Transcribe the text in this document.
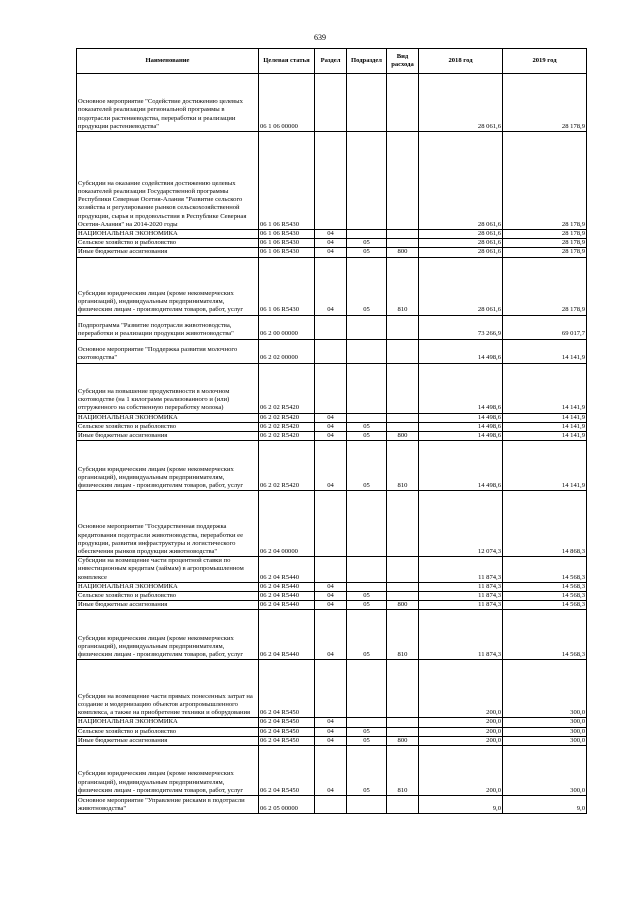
639
Наименование	Целевая статья	Раздел	Подраздел	Вид расхода	2018 год	2019 год
Основное мероприятие "Содействие достижению целевых показателей реализации региональной программы в подотрасли растениеводства, переработки и реализации продукции растениеводства"	06 1 06 00000				28 061,6	28 178,9
Субсидии на оказание содействия достижению целевых показателей реализации Государственной программы Республики Северная Осетия-Алания "Развитие сельского хозяйства и регулирование рынков сельскохозяйственной продукции, сырья и продовольствия в Республике Северная Осетия-Алания" на 2014-2020 годы	06 1 06 R5430				28 061,6	28 178,9
НАЦИОНАЛЬНАЯ ЭКОНОМИКА	06 1 06 R5430	04			28 061,6	28 178,9
Сельское хозяйство и рыболовство	06 1 06 R5430	04	05		28 061,6	28 178,9
Иные бюджетные ассигнования	06 1 06 R5430	04	05	800	28 061,6	28 178,9
Субсидии юридическим лицам (кроме некоммерческих организаций), индивидуальным предпринимателям, физическим лицам - производителям товаров, работ, услуг	06 1 06 R5430	04	05	810	28 061,6	28 178,9
Подпрограмма "Развитие подотрасли животноводства, переработки и реализации продукции животноводства"	06 2 00 00000				73 266,9	69 017,7
Основное мероприятие "Поддержка развития молочного скотоводства"	06 2 02 00000				14 498,6	14 141,9
Субсидии на повышение продуктивности в молочном скотоводстве (на 1 килограмм реализованного и (или) отгруженного на собственную переработку молока)	06 2 02 R5420				14 498,6	14 141,9
НАЦИОНАЛЬНАЯ ЭКОНОМИКА	06 2 02 R5420	04			14 498,6	14 141,9
Сельское хозяйство и рыболовство	06 2 02 R5420	04	05		14 498,6	14 141,9
Иные бюджетные ассигнования	06 2 02 R5420	04	05	800	14 498,6	14 141,9
Субсидии юридическим лицам (кроме некоммерческих организаций), индивидуальным предпринимателям, физическим лицам - производителям товаров, работ, услуг	06 2 02 R5420	04	05	810	14 498,6	14 141,9
Основное мероприятие "Государственная поддержка кредитования подотрасли животноводства, переработки ее продукции, развития инфраструктуры и логистического обеспечения рынков продукции животноводства"	06 2 04 00000				12 074,3	14 868,3
Субсидии на возмещение части процентной ставки по инвестиционным кредитам (займам) в агропромышленном комплексе	06 2 04 R5440				11 874,3	14 568,3
НАЦИОНАЛЬНАЯ ЭКОНОМИКА	06 2 04 R5440	04			11 874,3	14 568,3
Сельское хозяйство и рыболовство	06 2 04 R5440	04	05		11 874,3	14 568,3
Иные бюджетные ассигнования	06 2 04 R5440	04	05	800	11 874,3	14 568,3
Субсидии юридическим лицам (кроме некоммерческих организаций), индивидуальным предпринимателям, физическим лицам - производителям товаров, работ, услуг	06 2 04 R5440	04	05	810	11 874,3	14 568,3
Субсидии на возмещение части прямых понесенных затрат на создание и модернизацию объектов агропромышленного комплекса, а также на приобретение техники и оборудования	06 2 04 R5450				200,0	300,0
НАЦИОНАЛЬНАЯ ЭКОНОМИКА	06 2 04 R5450	04			200,0	300,0
Сельское хозяйство и рыболовство	06 2 04 R5450	04	05		200,0	300,0
Иные бюджетные ассигнования	06 2 04 R5450	04	05	800	200,0	300,0
Субсидии юридическим лицам (кроме некоммерческих организаций), индивидуальным предпринимателям, физическим лицам - производителям товаров, работ, услуг	06 2 04 R5450	04	05	810	200,0	300,0
Основное мероприятие "Управление рисками в подотрасли животноводства"	06 2 05 00000				9,0	9,0
